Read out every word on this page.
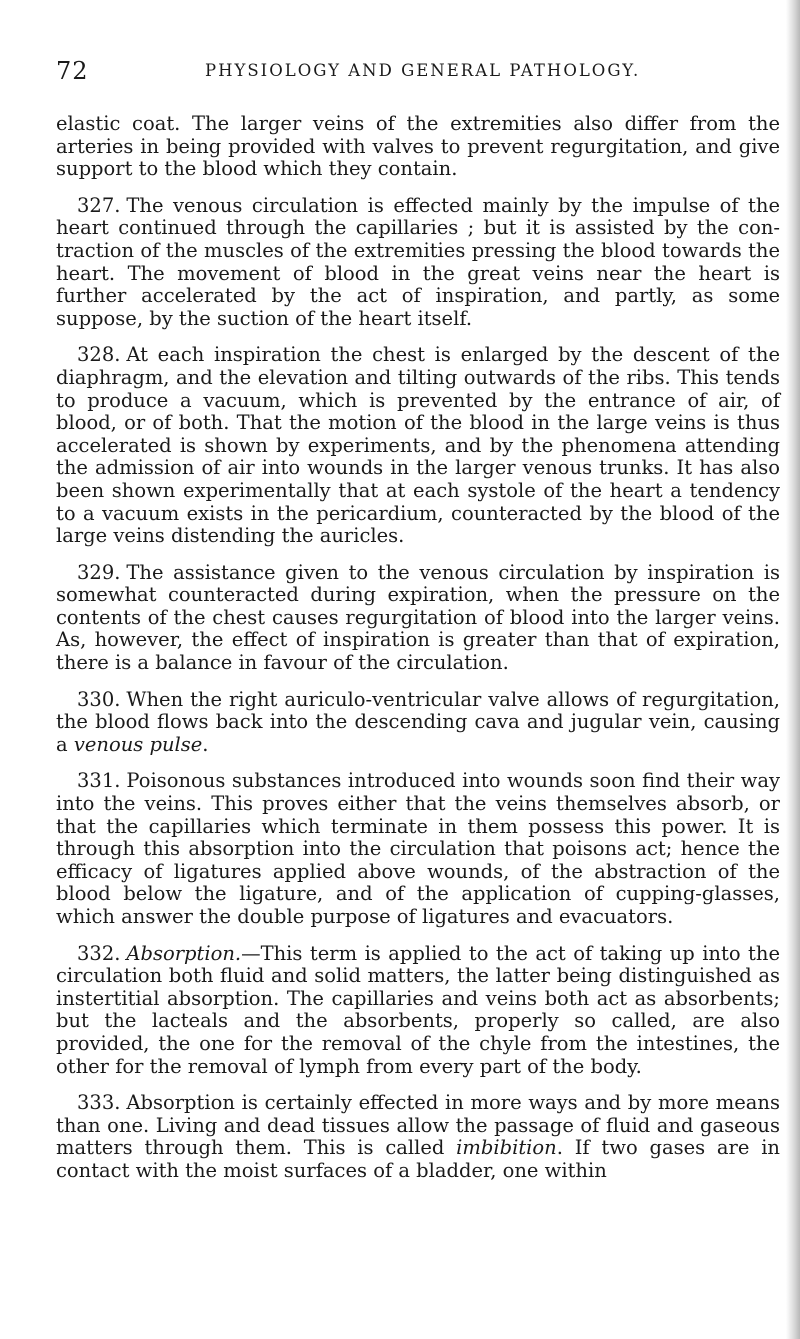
72	PHYSIOLOGY AND GENERAL PATHOLOGY.

elastic coat. The larger veins of the extremities also differ from the arteries in being provided with valves to prevent regurgitation, and give support to the blood which they contain.

327. The venous circulation is effected mainly by the impulse of the heart continued through the capillaries ; but it is assisted by the contraction of the muscles of the extremities pressing the blood towards the heart. The movement of blood in the great veins near the heart is further accelerated by the act of inspiration, and partly, as some suppose, by the suction of the heart itself.

328. At each inspiration the chest is enlarged by the descent of the diaphragm, and the elevation and tilting outwards of the ribs. This tends to produce a vacuum, which is prevented by the entrance of air, of blood, or of both. That the motion of the blood in the large veins is thus accelerated is shown by experiments, and by the phenomena attending the admission of air into wounds in the larger venous trunks. It has also been shown experimentally that at each systole of the heart a tendency to a vacuum exists in the pericardium, counteracted by the blood of the large veins distending the auricles.

329. The assistance given to the venous circulation by inspiration is somewhat counteracted during expiration, when the pressure on the contents of the chest causes regurgitation of blood into the larger veins. As, however, the effect of inspiration is greater than that of expiration, there is a balance in favour of the circulation.

330. When the right auriculo-ventricular valve allows of regurgitation, the blood flows back into the descending cava and jugular vein, causing a venous pulse.

331. Poisonous substances introduced into wounds soon find their way into the veins. This proves either that the veins themselves absorb, or that the capillaries which terminate in them possess this power. It is through this absorption into the circulation that poisons act; hence the efficacy of ligatures applied above wounds, of the abstraction of the blood below the ligature, and of the application of cupping-glasses, which answer the double purpose of ligatures and evacuators.

332. Absorption.—This term is applied to the act of taking up into the circulation both fluid and solid matters, the latter being distinguished as instertitial absorption. The capillaries and veins both act as absorbents; but the lacteals and the absorbents, properly so called, are also provided, the one for the removal of the chyle from the intestines, the other for the removal of lymph from every part of the body.

333. Absorption is certainly effected in more ways and by more means than one. Living and dead tissues allow the passage of fluid and gaseous matters through them. This is called imbibition. If two gases are in contact with the moist surfaces of a bladder, one within
